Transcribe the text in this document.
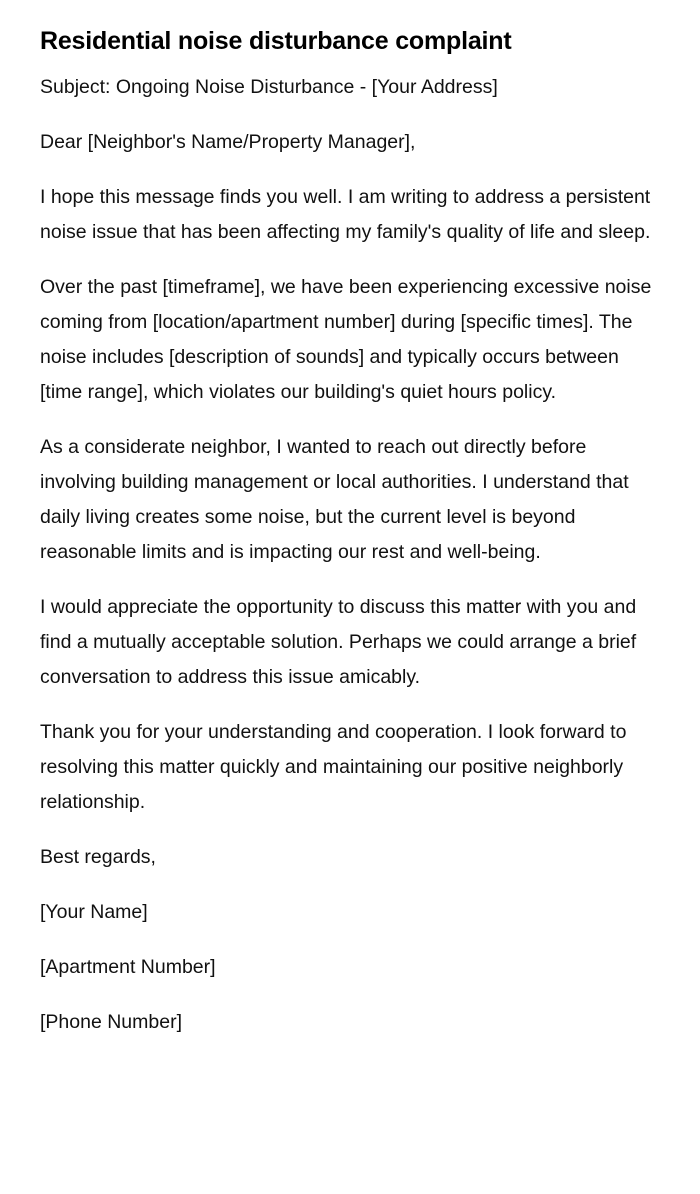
Residential noise disturbance complaint

Subject: Ongoing Noise Disturbance - [Your Address]

Dear [Neighbor's Name/Property Manager],

I hope this message finds you well. I am writing to address a persistent noise issue that has been affecting my family's quality of life and sleep.

Over the past [timeframe], we have been experiencing excessive noise coming from [location/apartment number] during [specific times]. The noise includes [description of sounds] and typically occurs between [time range], which violates our building's quiet hours policy.

As a considerate neighbor, I wanted to reach out directly before involving building management or local authorities. I understand that daily living creates some noise, but the current level is beyond reasonable limits and is impacting our rest and well-being.

I would appreciate the opportunity to discuss this matter with you and find a mutually acceptable solution. Perhaps we could arrange a brief conversation to address this issue amicably.

Thank you for your understanding and cooperation. I look forward to resolving this matter quickly and maintaining our positive neighborly relationship.

Best regards,

[Your Name]

[Apartment Number]

[Phone Number]
